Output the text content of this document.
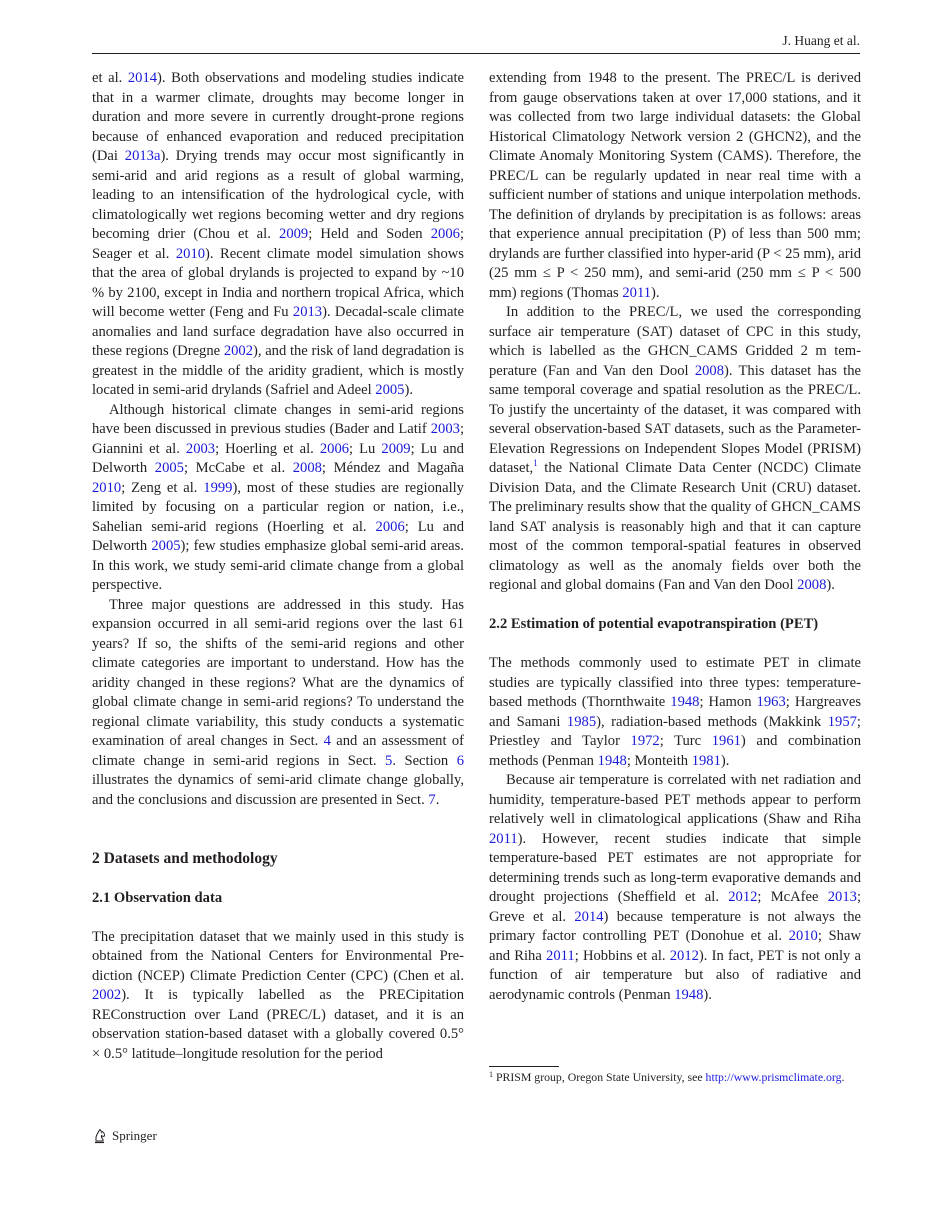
J. Huang et al.

et al. 2014). Both observations and modeling studies indicate that in a warmer climate, droughts may become longer in duration and more severe in currently drought-prone regions because of enhanced evaporation and reduced precipitation (Dai 2013a). Drying trends may occur most significantly in semi-arid and arid regions as a result of global warming, leading to an intensification of the hydrological cycle, with climatologically wet regions becoming wetter and dry regions becoming drier (Chou et al. 2009; Held and Soden 2006; Seager et al. 2010). Recent climate model simulation shows that the area of global drylands is projected to expand by ~10 % by 2100, except in India and northern tropical Africa, which will become wetter (Feng and Fu 2013). Decadal-scale climate anomalies and land surface degradation have also occurred in these regions (Dregne 2002), and the risk of land degradation is greatest in the middle of the aridity gradient, which is mostly located in semi-arid drylands (Safriel and Adeel 2005).

Although historical climate changes in semi-arid regions have been discussed in previous studies (Bader and Latif 2003; Giannini et al. 2003; Hoerling et al. 2006; Lu 2009; Lu and Delworth 2005; McCabe et al. 2008; Méndez and Magaña 2010; Zeng et al. 1999), most of these studies are regionally limited by focusing on a particular region or nation, i.e., Sahelian semi-arid regions (Hoerling et al. 2006; Lu and Delworth 2005); few studies emphasize global semi-arid areas. In this work, we study semi-arid climate change from a global perspective.

Three major questions are addressed in this study. Has expansion occurred in all semi-arid regions over the last 61 years? If so, the shifts of the semi-arid regions and other climate categories are important to understand. How has the aridity changed in these regions? What are the dynamics of global climate change in semi-arid regions? To understand the regional climate variability, this study conducts a systematic examination of areal changes in Sect. 4 and an assessment of climate change in semi-arid regions in Sect. 5. Section 6 illustrates the dynamics of semi-arid climate change globally, and the conclusions and discussion are presented in Sect. 7.

2 Datasets and methodology
2.1 Observation data

The precipitation dataset that we mainly used in this study is obtained from the National Centers for Environmental Prediction (NCEP) Climate Prediction Center (CPC) (Chen et al. 2002). It is typically labelled as the PRECipitation REConstruction over Land (PREC/L) dataset, and it is an observation station-based dataset with a globally covered 0.5° × 0.5° latitude–longitude resolution for the period

extending from 1948 to the present. The PREC/L is derived from gauge observations taken at over 17,000 stations, and it was collected from two large individual datasets: the Global Historical Climatology Network version 2 (GHCN2), and the Climate Anomaly Monitoring System (CAMS). Therefore, the PREC/L can be regularly updated in near real time with a sufficient number of stations and unique interpolation methods. The definition of drylands by precipitation is as follows: areas that experience annual precipitation (P) of less than 500 mm; drylands are further classified into hyper-arid (P < 25 mm), arid (25 mm ≤ P < 250 mm), and semi-arid (250 mm ≤ P < 500 mm) regions (Thomas 2011).

In addition to the PREC/L, we used the corresponding surface air temperature (SAT) dataset of CPC in this study, which is labelled as the GHCN_CAMS Gridded 2 m temperature (Fan and Van den Dool 2008). This dataset has the same temporal coverage and spatial resolution as the PREC/L. To justify the uncertainty of the dataset, it was compared with several observation-based SAT datasets, such as the Parameter-Elevation Regressions on Independent Slopes Model (PRISM) dataset,$^1$ the National Climate Data Center (NCDC) Climate Division Data, and the Climate Research Unit (CRU) dataset. The preliminary results show that the quality of GHCN_CAMS land SAT analysis is reasonably high and that it can capture most of the common temporal-spatial features in observed climatology as well as the anomaly fields over both the regional and global domains (Fan and Van den Dool 2008).

2.2 Estimation of potential evapotranspiration (PET)

The methods commonly used to estimate PET in climate studies are typically classified into three types: temperature-based methods (Thornthwaite 1948; Hamon 1963; Hargreaves and Samani 1985), radiation-based methods (Makkink 1957; Priestley and Taylor 1972; Turc 1961) and combination methods (Penman 1948; Monteith 1981).

Because air temperature is correlated with net radiation and humidity, temperature-based PET methods appear to perform relatively well in climatological applications (Shaw and Riha 2011). However, recent studies indicate that simple temperature-based PET estimates are not appropriate for determining trends such as long-term evaporative demands and drought projections (Sheffield et al. 2012; McAfee 2013; Greve et al. 2014) because temperature is not always the primary factor controlling PET (Donohue et al. 2010; Shaw and Riha 2011; Hobbins et al. 2012). In fact, PET is not only a function of air temperature but also of radiative and aerodynamic controls (Penman 1948).

$^1$ PRISM group, Oregon State University, see http://www.prismclimate.org.
Springer
